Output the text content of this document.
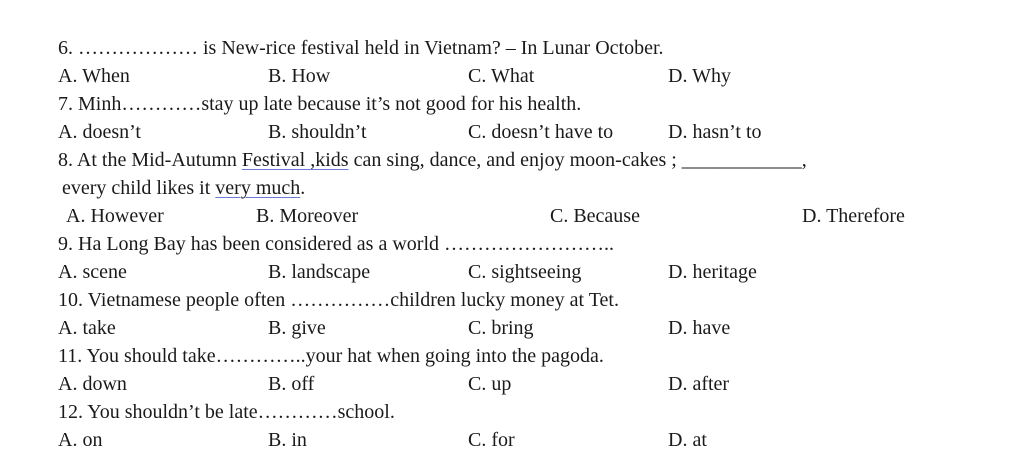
6. ……………… is New-rice festival held in Vietnam? – In Lunar October.
A. When	B. How	C. What	D. Why
7. Minh…………stay up late because it’s not good for his health.
A. doesn’t	B. shouldn’t	C. doesn’t have to	D. hasn’t to
8. At the Mid-Autumn Festival ,kids can sing, dance, and enjoy moon-cakes ; ____________,
every child likes it very much.
A. However	B. Moreover	C. Because	D. Therefore
9. Ha Long Bay has been considered as a world ……………………..
A. scene	B. landscape	C. sightseeing	D. heritage
10. Vietnamese people often ……………children lucky money at Tet.
A. take	B. give	C. bring	D. have
11. You should take…………..your hat when going into the pagoda.
A. down	B. off	C. up	D. after
12. You shouldn’t be late…………school.
A. on	B. in	C. for	D. at
